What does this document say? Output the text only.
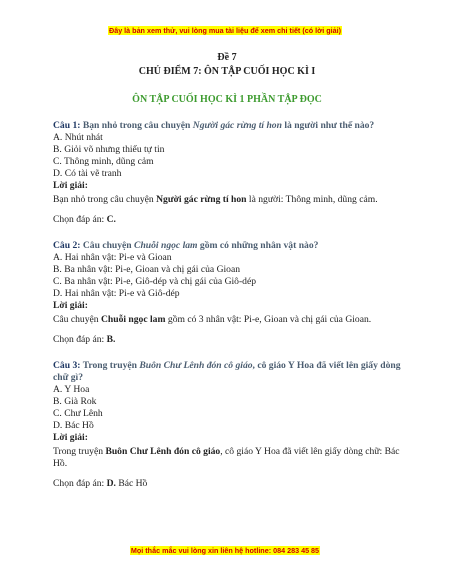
Đây là bản xem thử, vui lòng mua tài liệu để xem chi tiết (có lời giải)
Đề 7
CHỦ ĐIỂM 7: ÔN TẬP CUỐI HỌC KÌ I
ÔN TẬP CUỐI HỌC KÌ 1 PHẦN TẬP ĐỌC
Câu 1: Bạn nhỏ trong câu chuyện Người gác rừng tí hon là người như thế nào?
A. Nhút nhát
B. Giỏi võ nhưng thiếu tự tin
C. Thông minh, dũng cảm
D. Có tài vẽ tranh
Lời giải:
Bạn nhỏ trong câu chuyện Người gác rừng tí hon là người: Thông minh, dũng cảm.
Chọn đáp án: C.
Câu 2: Câu chuyện Chuỗi ngọc lam gồm có những nhân vật nào?
A. Hai nhân vật: Pi-e và Gioan
B. Ba nhân vật: Pi-e, Gioan và chị gái của Gioan
C. Ba nhân vật: Pi-e, Giô-dép và chị gái của Giô-dép
D. Hai nhân vật: Pi-e và Giô-dép
Lời giải:
Câu chuyện Chuỗi ngọc lam gồm có 3 nhân vật: Pi-e, Gioan và chị gái của Gioan.
Chọn đáp án: B.
Câu 3: Trong truyện Buôn Chư Lênh đón cô giáo, cô giáo Y Hoa đã viết lên giấy dòng chữ gì?
A. Y Hoa
B. Già Rok
C. Chư Lênh
D. Bác Hồ
Lời giải:
Trong truyện Buôn Chư Lênh đón cô giáo, cô giáo Y Hoa đã viết lên giấy dòng chữ: Bác Hồ.
Chọn đáp án: D. Bác Hồ
Mọi thắc mắc vui lòng xin liên hệ hotline: 084 283 45 85
